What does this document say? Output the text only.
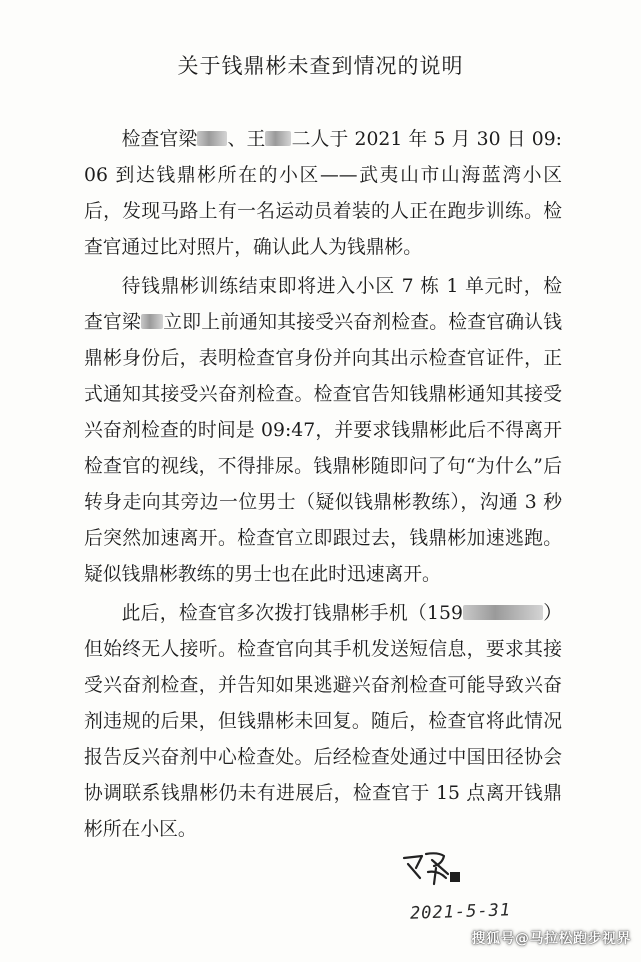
关于钱鼎彬未查到情况的说明

检查官梁 、王 二人于 2021 年 5 月 30 日 09:06 到达钱鼎彬所在的小区——武夷山市山海蓝湾小区后，发现马路上有一名运动员着装的人正在跑步训练。检查官通过比对照片，确认此人为钱鼎彬。

待钱鼎彬训练结束即将进入小区 7 栋 1 单元时，检查官梁 立即上前通知其接受兴奋剂检查。检查官确认钱鼎彬身份后，表明检查官身份并向其出示检查官证件，正式通知其接受兴奋剂检查。检查官告知钱鼎彬通知其接受兴奋剂检查的时间是 09:47，并要求钱鼎彬此后不得离开检查官的视线，不得排尿。钱鼎彬随即问了句“为什么”后转身走向其旁边一位男士（疑似钱鼎彬教练），沟通 3 秒后突然加速离开。检查官立即跟过去，钱鼎彬加速逃跑。疑似钱鼎彬教练的男士也在此时迅速离开。

此后，检查官多次拨打钱鼎彬手机（159	）但始终无人接听。检查官向其手机发送短信息，要求其接受兴奋剂检查，并告知如果逃避兴奋剂检查可能导致兴奋剂违规的后果，但钱鼎彬未回复。随后，检查官将此情况报告反兴奋剂中心检查处。后经检查处通过中国田径协会协调联系钱鼎彬仍未有进展后，检查官于 15 点离开钱鼎彬所在小区。

2021-5-31
搜狐号@马拉松跑步视界
